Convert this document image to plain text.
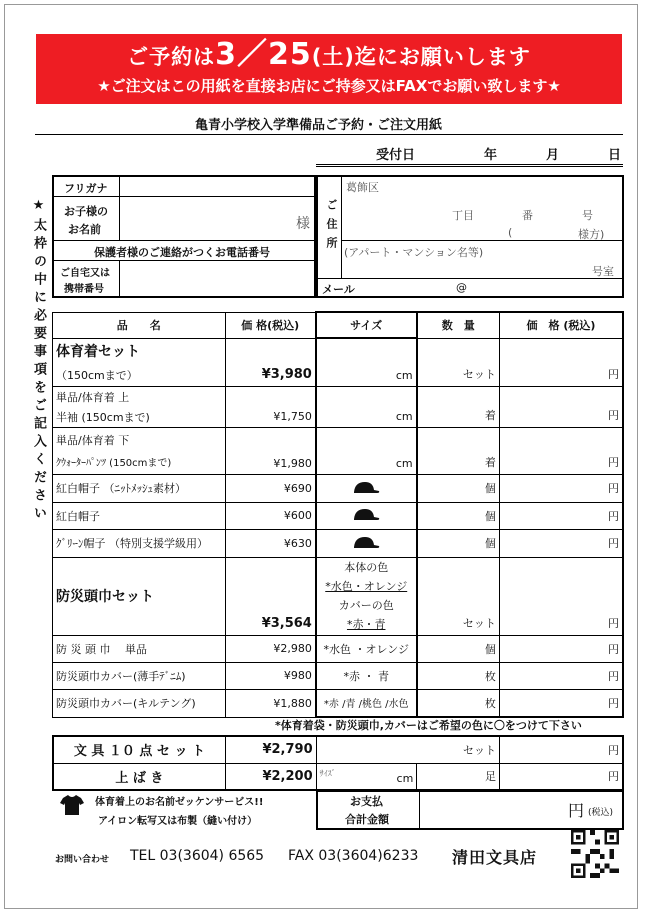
ご予約は3／25(土)迄にお願いします
★ご注文はこの用紙を直接お店にご持参又はFAXでお願い致します★
亀青小学校入学準備品ご予約・ご注文用紙
受付日	年	月	日
★太枠の中に必要事項をご記入ください
フリガナ
お子様の
お名前	様
保護者様のご連絡がつくお電話番号
ご自宅又は
携帯番号
ご住所
葛飾区
丁目	番	号
(	様方)
(アパート・マンション名等)
号室
メール	@
品　　名	価 格(税込)	サイズ	数　量	価　格 (税込)

体育着セット
（150cmまで）	¥3,980	cm	セット	円

単品/体育着 上
半袖 (150cmまで)	¥1,750	cm	着	円

単品/体育着 下
ｸｳｫｰﾀｰﾊﾟﾝﾂ (150cmまで)	¥1,980	cm	着	円
紅白帽子 （ﾆｯﾄﾒｯｼｭ素材）	¥690		個	円
紅白帽子	¥600		個	円
ｸﾞﾘｰﾝ帽子 （特別支援学級用）	¥630		個	円
防災頭巾セット	¥3,564	本体の色
*水色・オレンジ
カバーの色
*赤・青	セット	円
防 災 頭 巾　 単品	¥2,980	*水色 ・オレンジ	個	円
防災頭巾カバー(薄手ﾃﾞﾆﾑ)	¥980	*赤 ・ 青	枚	円
防災頭巾カバー(キルテング)	¥1,880	*赤 /青 /桃色 /水色	枚	円
*体育着袋・防災頭巾,カバーはご希望の色に〇をつけて下さい
文 具 １０ 点 セ ッ ト	¥2,790		セット	円
上 ば き	¥2,200	$^{ｻｲｽﾞ}$ cm	足	円
体育着上のお名前ゼッケンサービス!!
アイロン転写又は布製（縫い付け）
お支払
合計金額	円 (税込)
お問い合わせ TEL 03(3604) 6565 FAX 03(3604)6233 清田文具店
